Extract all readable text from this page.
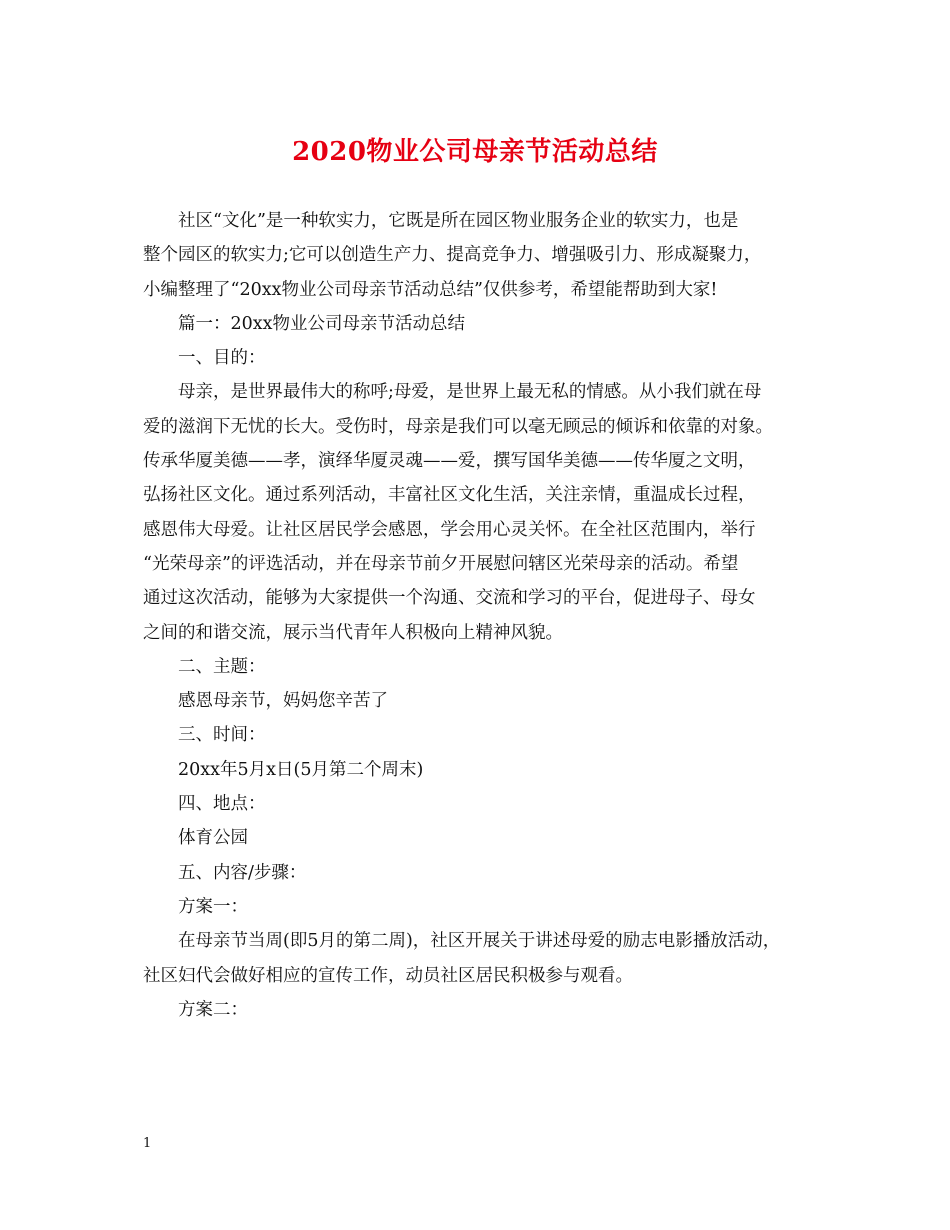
2020物业公司母亲节活动总结

社区“文化”是一种软实力，它既是所在园区物业服务企业的软实力，也是

整个园区的软实力;它可以创造生产力、提高竞争力、增强吸引力、形成凝聚力，

小编整理了“20xx物业公司母亲节活动总结”仅供参考，希望能帮助到大家!

篇一：20xx物业公司母亲节活动总结

一、目的：

母亲，是世界最伟大的称呼;母爱，是世界上最无私的情感。从小我们就在母

爱的滋润下无忧的长大。受伤时，母亲是我们可以毫无顾忌的倾诉和依靠的对象。

传承华厦美德——孝，演绎华厦灵魂——爱，撰写国华美德——传华厦之文明，

弘扬社区文化。通过系列活动，丰富社区文化生活，关注亲情，重温成长过程，

感恩伟大母爱。让社区居民学会感恩，学会用心灵关怀。在全社区范围内，举行

“光荣母亲”的评选活动，并在母亲节前夕开展慰问辖区光荣母亲的活动。希望

通过这次活动，能够为大家提供一个沟通、交流和学习的平台，促进母子、母女

之间的和谐交流，展示当代青年人积极向上精神风貌。

二、主题：

感恩母亲节，妈妈您辛苦了

三、时间：

20xx年5月x日(5月第二个周末)

四、地点：

体育公园

五、内容/步骤：

方案一：

在母亲节当周(即5月的第二周)，社区开展关于讲述母爱的励志电影播放活动，

社区妇代会做好相应的宣传工作，动员社区居民积极参与观看。

方案二：

1
